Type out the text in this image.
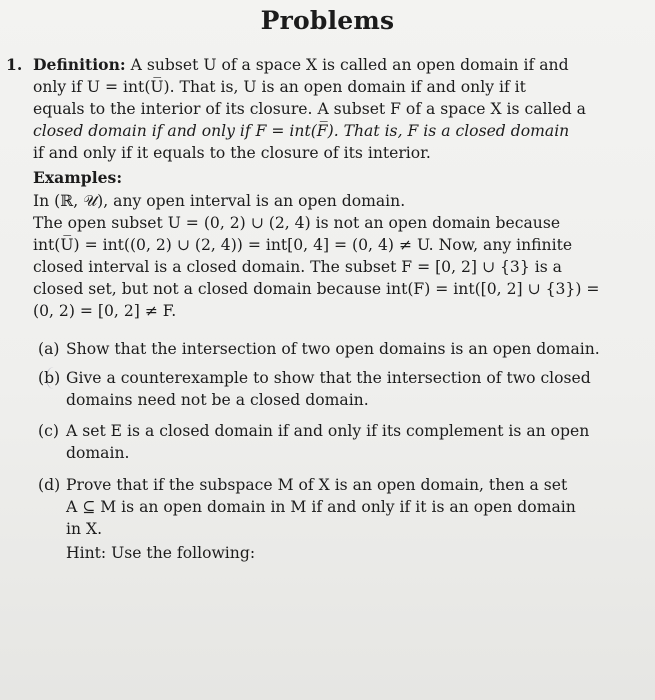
Problems
1. Definition: A subset U of a space X is called an open domain if and
only if U = int(U̅). That is, U is an open domain if and only if it
equals to the interior of its closure. A subset F of a space X is called a
closed domain if and only if F = int(F̅). That is, F is a closed domain
if and only if it equals to the closure of its interior.
Examples:
In (ℝ, 𝒰), any open interval is an open domain.
The open subset U = (0, 2) ∪ (2, 4) is not an open domain because
int(U̅) = int((0, 2) ∪ (2, 4)) = int[0, 4] = (0, 4) ≠ U. Now, any infinite
closed interval is a closed domain. The subset F = [0, 2] ∪ {3} is a
closed set, but not a closed domain because int(F) = int([0, 2] ∪ {3}) =
(0, 2) = [0, 2] ≠ F.
(a) Show that the intersection of two open domains is an open domain.
(b) Give a counterexample to show that the intersection of two closed
domains need not be a closed domain.
(c) A set E is a closed domain if and only if its complement is an open
domain.
(d) Prove that if the subspace M of X is an open domain, then a set
A ⊆ M is an open domain in M if and only if it is an open domain
in X.
Hint: Use the following:
